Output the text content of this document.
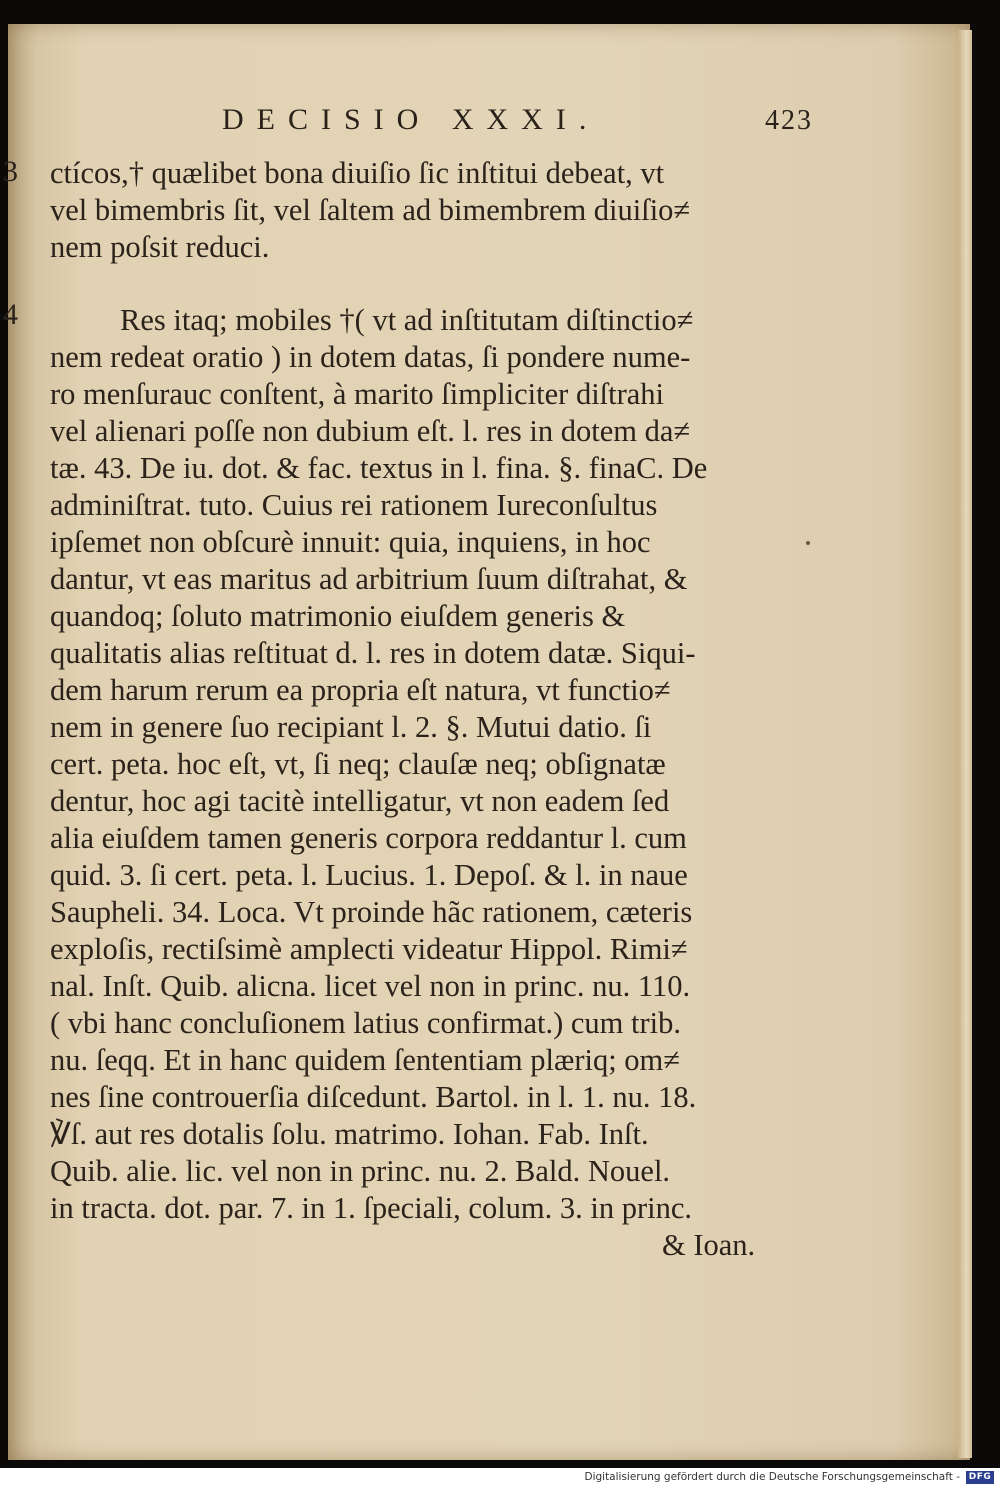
DECISIO XXXI.	423
3
4
ctícos,† quælibet bona diuiſio ſic inſtitui debeat, vt
vel bimembris ſit, vel ſaltem ad bimembrem diuiſio≠
nem poſsit reduci.
Res itaq; mobiles †( vt ad inſtitutam diſtinctio≠
nem redeat oratio ) in dotem datas, ſi pondere nume-
ro menſurauc conſtent, à marito ſimpliciter diſtrahi
vel alienari poſſe non dubium eſt. l. res in dotem da≠
tæ. 43. De iu. dot. & fac. textus in l. fina. §. finaC. De
adminiſtrat. tuto. Cuius rei rationem Iureconſultus
ipſemet non obſcurè innuit: quia, inquiens, in hoc
dantur, vt eas maritus ad arbitrium ſuum diſtrahat, &
quandoq; ſoluto matrimonio eiuſdem generis &
qualitatis alias reſtituat d. l. res in dotem datæ. Siqui-
dem harum rerum ea propria eſt natura, vt functio≠
nem in genere ſuo recipiant l. 2. §. Mutui datio. ſi
cert. peta. hoc eſt, vt, ſi neq; clauſæ neq; obſignatæ
dentur, hoc agi tacitè intelligatur, vt non eadem ſed
alia eiuſdem tamen generis corpora reddantur l. cum
quid. 3. ſi cert. peta. l. Lucius. 1. Depoſ. & l. in naue
Saupheli. 34. Loca. Vt proinde hãc rationem, cæteris
exploſis, rectiſsimè amplecti videatur Hippol. Rimi≠
nal. Inſt. Quib. alicna. licet vel non in princ. nu. 110.
( vbi hanc concluſionem latius confirmat.) cum trib.
nu. ſeqq. Et in hanc quidem ſententiam plæriq; om≠
nes ſine controuerſia diſcedunt. Bartol. in l. 1. nu. 18.
℣ſ. aut res dotalis ſolu. matrimo. Iohan. Fab. Inſt.
Quib. alie. lic. vel non in princ. nu. 2. Bald. Nouel.
in tracta. dot. par. 7. in 1. ſpeciali, colum. 3. in princ.
& Ioan.
Digitalisierung gefördert durch die Deutsche Forschungsgemeinschaft - DFG
